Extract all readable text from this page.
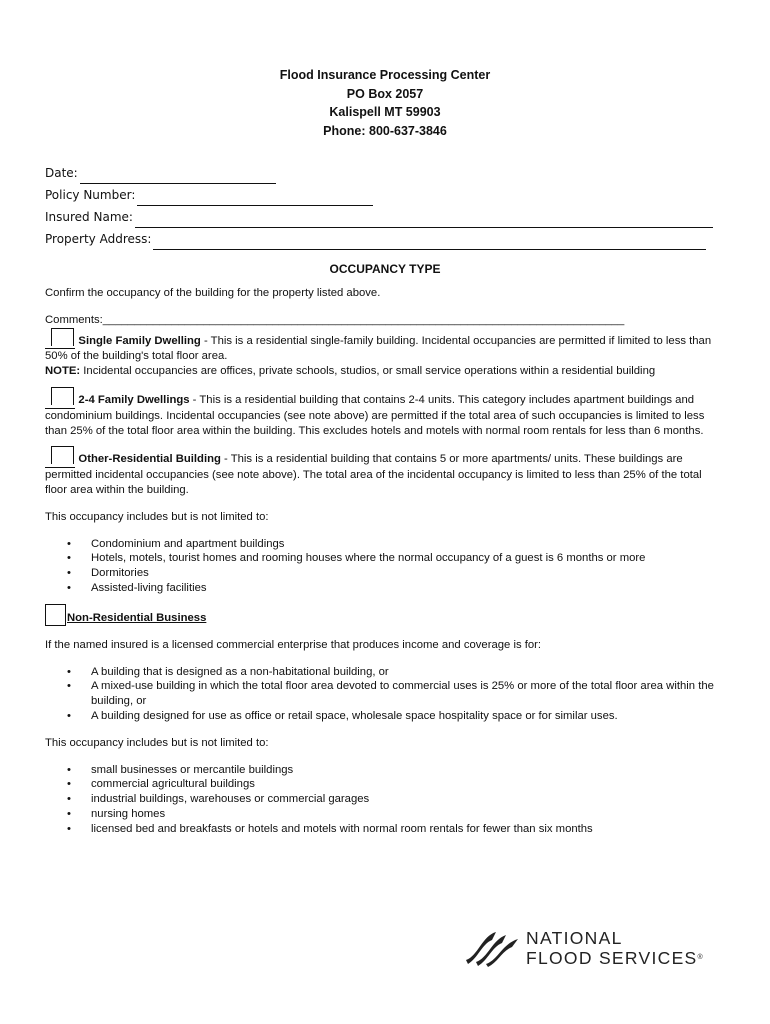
Flood Insurance Processing Center
PO Box 2057
Kalispell MT 59903
Phone: 800-637-3846
Date:
Policy Number:
Insured Name:
Property Address:
OCCUPANCY TYPE

Confirm the occupancy of the building for the property listed above.

Comments:___________________________________________________________________________________

Single Family Dwelling - This is a residential single-family building. Incidental occupancies are permitted if limited to less than 50% of the building's total floor area.

NOTE: Incidental occupancies are offices, private schools, studios, or small service operations within a residential building

2-4 Family Dwellings - This is a residential building that contains 2-4 units. This category includes apartment buildings and condominium buildings. Incidental occupancies (see note above) are permitted if the total area of such occupancies is limited to less than 25% of the total floor area within the building. This excludes hotels and motels with normal room rentals for less than 6 months.

Other-Residential Building - This is a residential building that contains 5 or more apartments/ units. These buildings are permitted incidental occupancies (see note above). The total area of the incidental occupancy is limited to less than 25% of the total floor area within the building.

This occupancy includes but is not limited to:

• Condominium and apartment buildings
• Hotels, motels, tourist homes and rooming houses where the normal occupancy of a guest is 6 months or more
• Dormitories
• Assisted-living facilities

Non-Residential Business

If the named insured is a licensed commercial enterprise that produces income and coverage is for:

• A building that is designed as a non-habitational building, or
• A mixed-use building in which the total floor area devoted to commercial uses is 25% or more of the total floor area within the building, or
• A building designed for use as office or retail space, wholesale space hospitality space or for similar uses.

This occupancy includes but is not limited to:

• small businesses or mercantile buildings
• commercial agricultural buildings
• industrial buildings, warehouses or commercial garages
• nursing homes
• licensed bed and breakfasts or hotels and motels with normal room rentals for fewer than six months
NATIONAL
FLOOD SERVICES®
